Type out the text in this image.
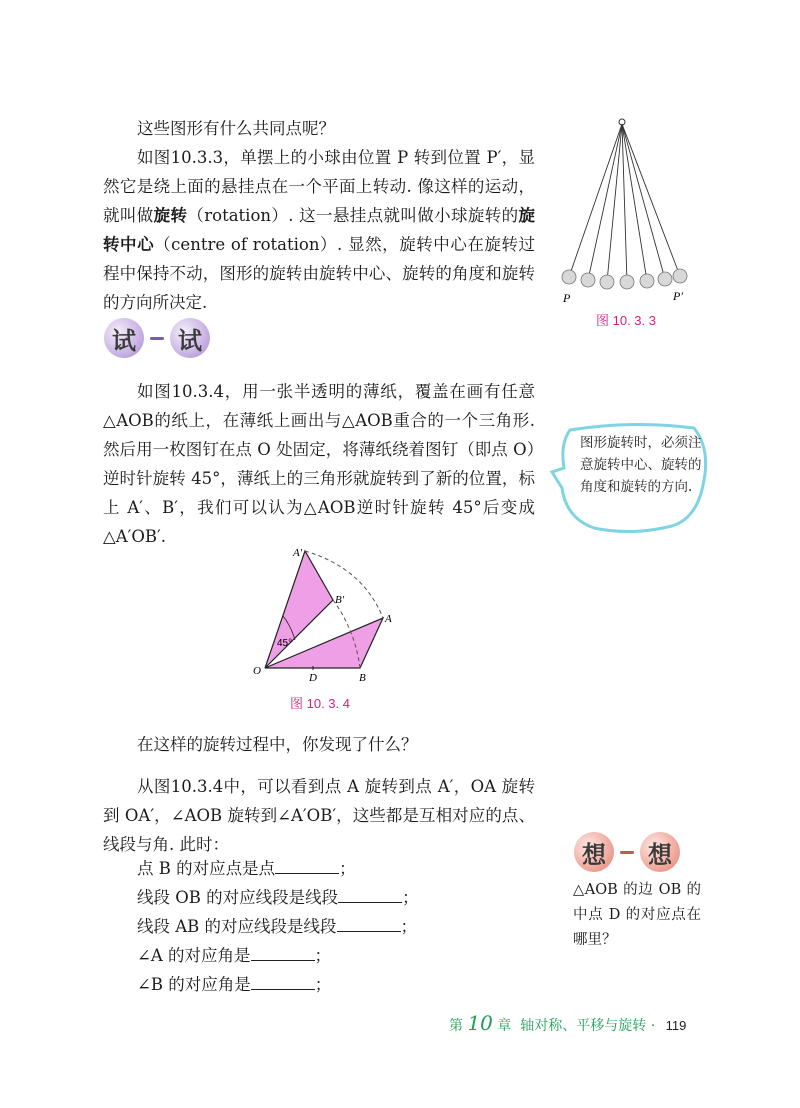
这些图形有什么共同点呢？

如图10.3.3，单摆上的小球由位置 P 转到位置 P′，显然它是绕上面的悬挂点在一个平面上转动. 像这样的运动，就叫做旋转（rotation）. 这一悬挂点就叫做小球旋转的旋转中心（centre of rotation）. 显然，旋转中心在旋转过程中保持不动，图形的旋转由旋转中心、旋转的角度和旋转的方向所决定.	P	P′

图 10. 3. 3

试	试

如图10.3.4，用一张半透明的薄纸，覆盖在画有任意△AOB的纸上，在薄纸上画出与△AOB重合的一个三角形. 然后用一枚图钉在点 O 处固定，将薄纸绕着图钉（即点 O）逆时针旋转 45°，薄纸上的三角形就旋转到了新的位置，标上 A′、B′，我们可以认为△AOB逆时针旋转 45°后变成△A′OB′.

图形旋转时，必须注意旋转中心、旋转的角度和旋转的方向.

45°
A′
B′
A
B
O
D

图 10. 3. 4

在这样的旋转过程中，你发现了什么？

从图10.3.4中，可以看到点 A 旋转到点 A′，OA 旋转到 OA′，∠AOB 旋转到∠A′OB′，这些都是互相对应的点、线段与角. 此时：

点 B 的对应点是点	；

线段 OB 的对应线段是线段	；

线段 AB 的对应线段是线段	；

∠A 的对应角是	；

∠B 的对应角是	；

想	想

△AOB 的边 OB 的中点 D 的对应点在哪里？

第 10 章 轴对称、平移与旋转 · 119
